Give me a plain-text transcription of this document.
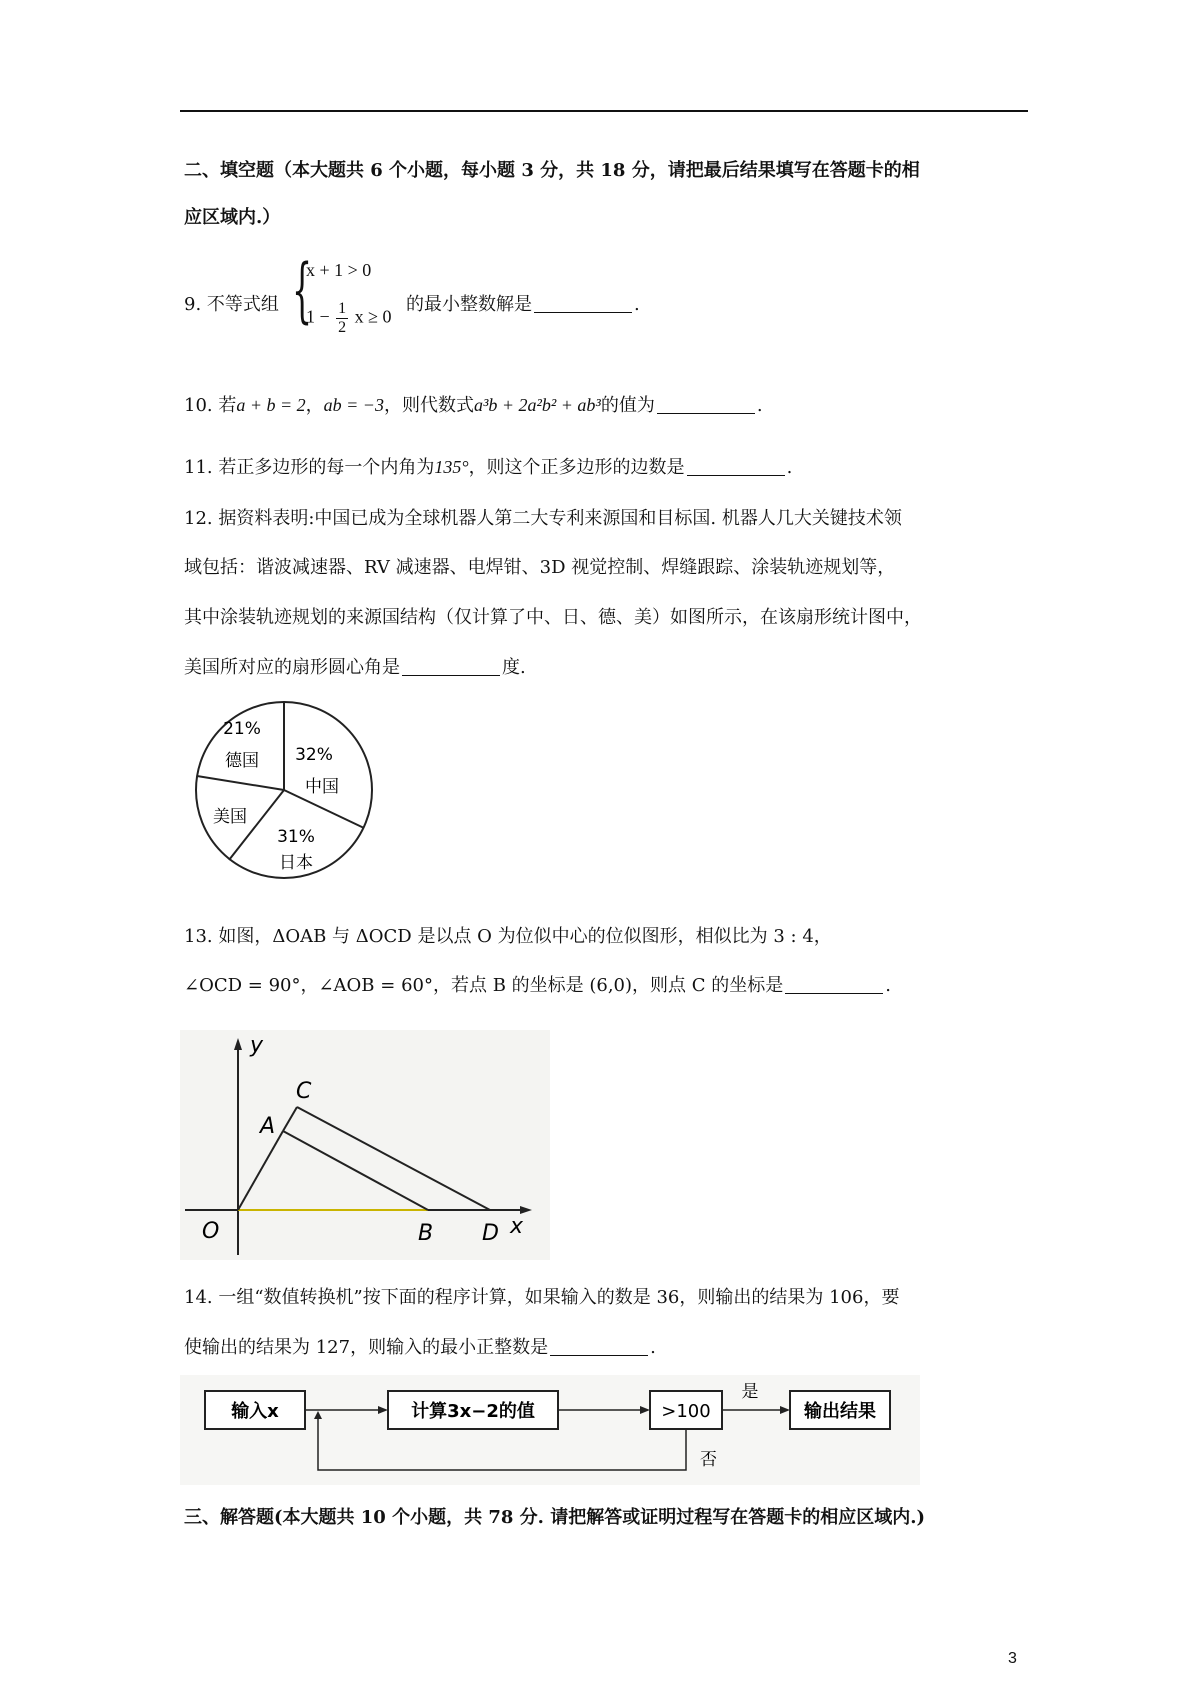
二、填空题（本大题共 6 个小题，每小题 3 分，共 18 分，请把最后结果填写在答题卡的相
应区域内.）
9. 不等式组 {
x + 1 > 0
$1 - \frac{1}{2}$ x ≥ 0
的最小整数解是	.
10. 若a + b = 2，ab = −3，则代数式a³b + 2a²b² + ab³的值为	.
11. 若正多边形的每一个内角为135°，则这个正多边形的边数是	.
12. 据资料表明:中国已成为全球机器人第二大专利来源国和目标国. 机器人几大关键技术领
域包括：谐波减速器、RV 减速器、电焊钳、3D 视觉控制、焊缝跟踪、涂装轨迹规划等，
其中涂装轨迹规划的来源国结构（仅计算了中、日、德、美）如图所示，在该扇形统计图中，
美国所对应的扇形圆心角是	度.
21%
德国 32%
中国
美国
31%
日本
13. 如图，ΔOAB 与 ΔOCD 是以点 O 为位似中心的位似图形，相似比为 3 : 4，
∠OCD = 90°，∠AOB = 60°，若点 B 的坐标是 (6,0)，则点 C 的坐标是	.
y
x
O
A
B
C
D
14. 一组“数值转换机”按下面的程序计算，如果输入的数是 36，则输出的结果为 106，要
使输出的结果为 127，则输入的最小正整数是	.
输入x	计算3x−2的值	>100
是
输出结果
否
三、解答题(本大题共 10 个小题，共 78 分. 请把解答或证明过程写在答题卡的相应区域内.)
3
